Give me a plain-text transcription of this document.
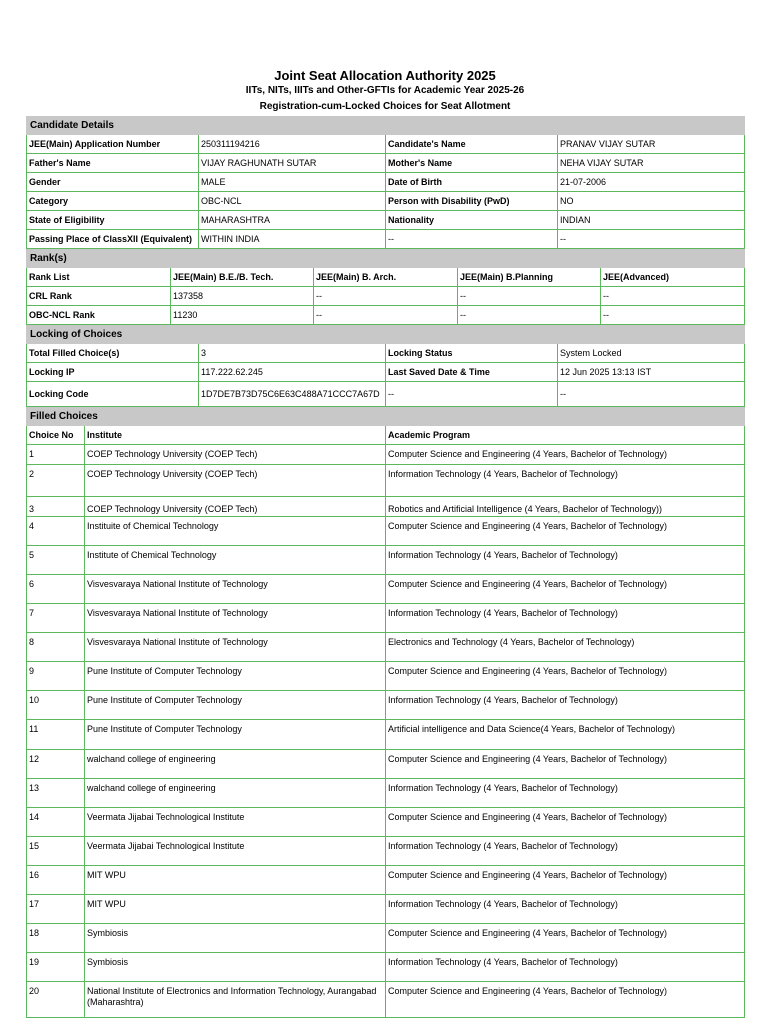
Joint Seat Allocation Authority 2025
IITs, NITs, IIITs and Other-GFTIs for Academic Year 2025-26
Registration-cum-Locked Choices for Seat Allotment
Candidate Details			
JEE(Main) Application Number	250311194216	Candidate's Name	PRANAV VIJAY SUTAR
Father's Name	VIJAY RAGHUNATH SUTAR	Mother's Name	NEHA VIJAY SUTAR
Gender	MALE	Date of Birth	21-07-2006
Category	OBC-NCL	Person with Disability (PwD)	NO
State of Eligibility	MAHARASHTRA	Nationality	INDIAN
Passing Place of ClassXII (Equivalent)	WITHIN INDIA	--	--
Rank(s)				
Rank List	JEE(Main) B.E./B. Tech.	JEE(Main) B. Arch.	JEE(Main) B.Planning	JEE(Advanced)
CRL Rank	137358	--	--	--
OBC-NCL Rank	11230	--	--	--
Locking of Choices			
Total Filled Choice(s)	3	Locking Status	System Locked
Locking IP	117.222.62.245	Last Saved Date & Time	12 Jun 2025 13:13 IST
Locking Code	1D7DE7B73D75C6E63C488A71CCC7A67D	--	--
Filled Choices		
Choice No	Institute	Academic Program
1	COEP Technology University (COEP Tech)	Computer Science and Engineering (4 Years, Bachelor of Technology)
2	COEP Technology University (COEP Tech)	Information Technology (4 Years, Bachelor of Technology)
3	COEP Technology University (COEP Tech)	Robotics and Artificial Intelligence (4 Years, Bachelor of Technology))
4	Instituite of Chemical Technology	Computer Science and Engineering (4 Years, Bachelor of Technology)
5	Institute of Chemical Technology	Information Technology (4 Years, Bachelor of Technology)
6	Visvesvaraya National Institute of Technology	Computer Science and Engineering (4 Years, Bachelor of Technology)
7	Visvesvaraya National Institute of Technology	Information Technology (4 Years, Bachelor of Technology)
8	Visvesvaraya National Institute of Technology	Electronics and Technology (4 Years, Bachelor of Technology)
9	Pune Institute of Computer Technology	Computer Science and Engineering (4 Years, Bachelor of Technology)
10	Pune Institute of Computer Technology	Information Technology (4 Years, Bachelor of Technology)
11	Pune Institute of Computer Technology	Artificial intelligence and Data Science(4 Years, Bachelor of Technology)
12	walchand college of engineering	Computer Science and Engineering (4 Years, Bachelor of Technology)
13	walchand college of engineering	Information Technology (4 Years, Bachelor of Technology)
14	Veermata Jijabai Technological Institute	Computer Science and Engineering (4 Years, Bachelor of Technology)
15	Veermata Jijabai Technological Institute	Information Technology (4 Years, Bachelor of Technology)
16	MIT WPU	Computer Science and Engineering (4 Years, Bachelor of Technology)
17	MIT WPU	Information Technology (4 Years, Bachelor of Technology)
18	Symbiosis	Computer Science and Engineering (4 Years, Bachelor of Technology)
19	Symbiosis	Information Technology (4 Years, Bachelor of Technology)
20	National Institute of Electronics and Information Technology, Aurangabad (Maharashtra)	Computer Science and Engineering (4 Years, Bachelor of Technology)
